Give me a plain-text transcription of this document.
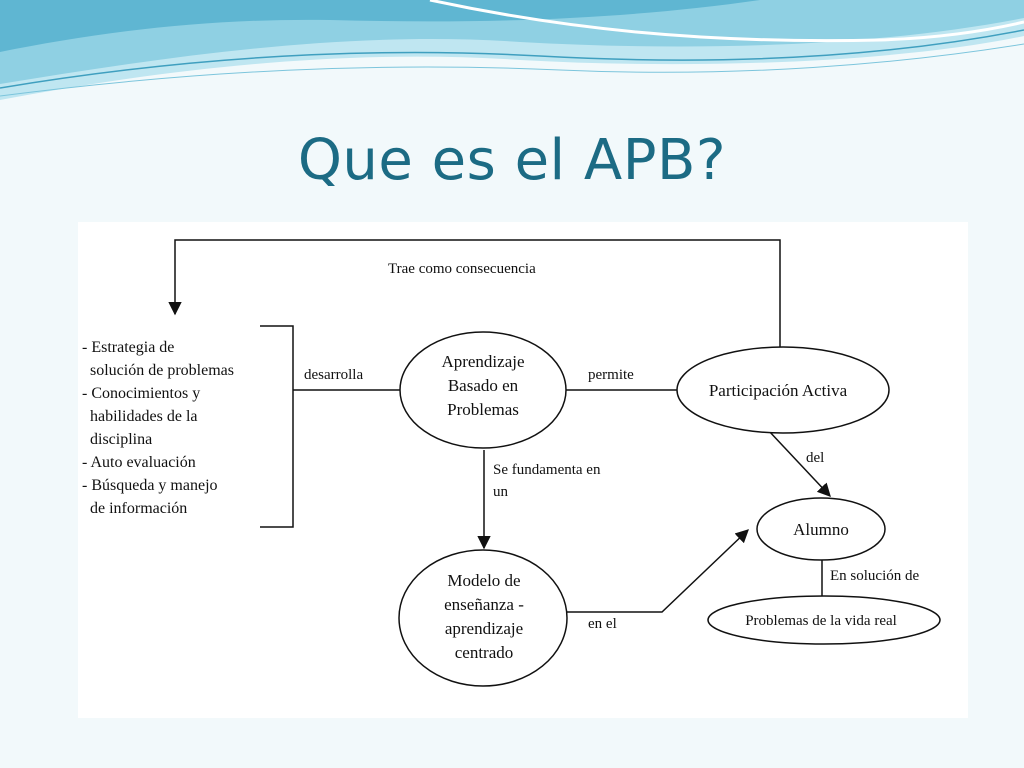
Que es el APB?
Aprendizaje
Basado en
Problemas
Participación Activa
Alumno
Modelo de
enseñanza -
aprendizaje
centrado
Problemas de la vida real
- Estrategia de
solución de problemas
- Conocimientos y
habilidades de la
disciplina
- Auto evaluación
- Búsqueda y manejo
de información
Trae como consecuencia
desarrolla	permite
del
Se fundamenta en
un
en el
En solución de
